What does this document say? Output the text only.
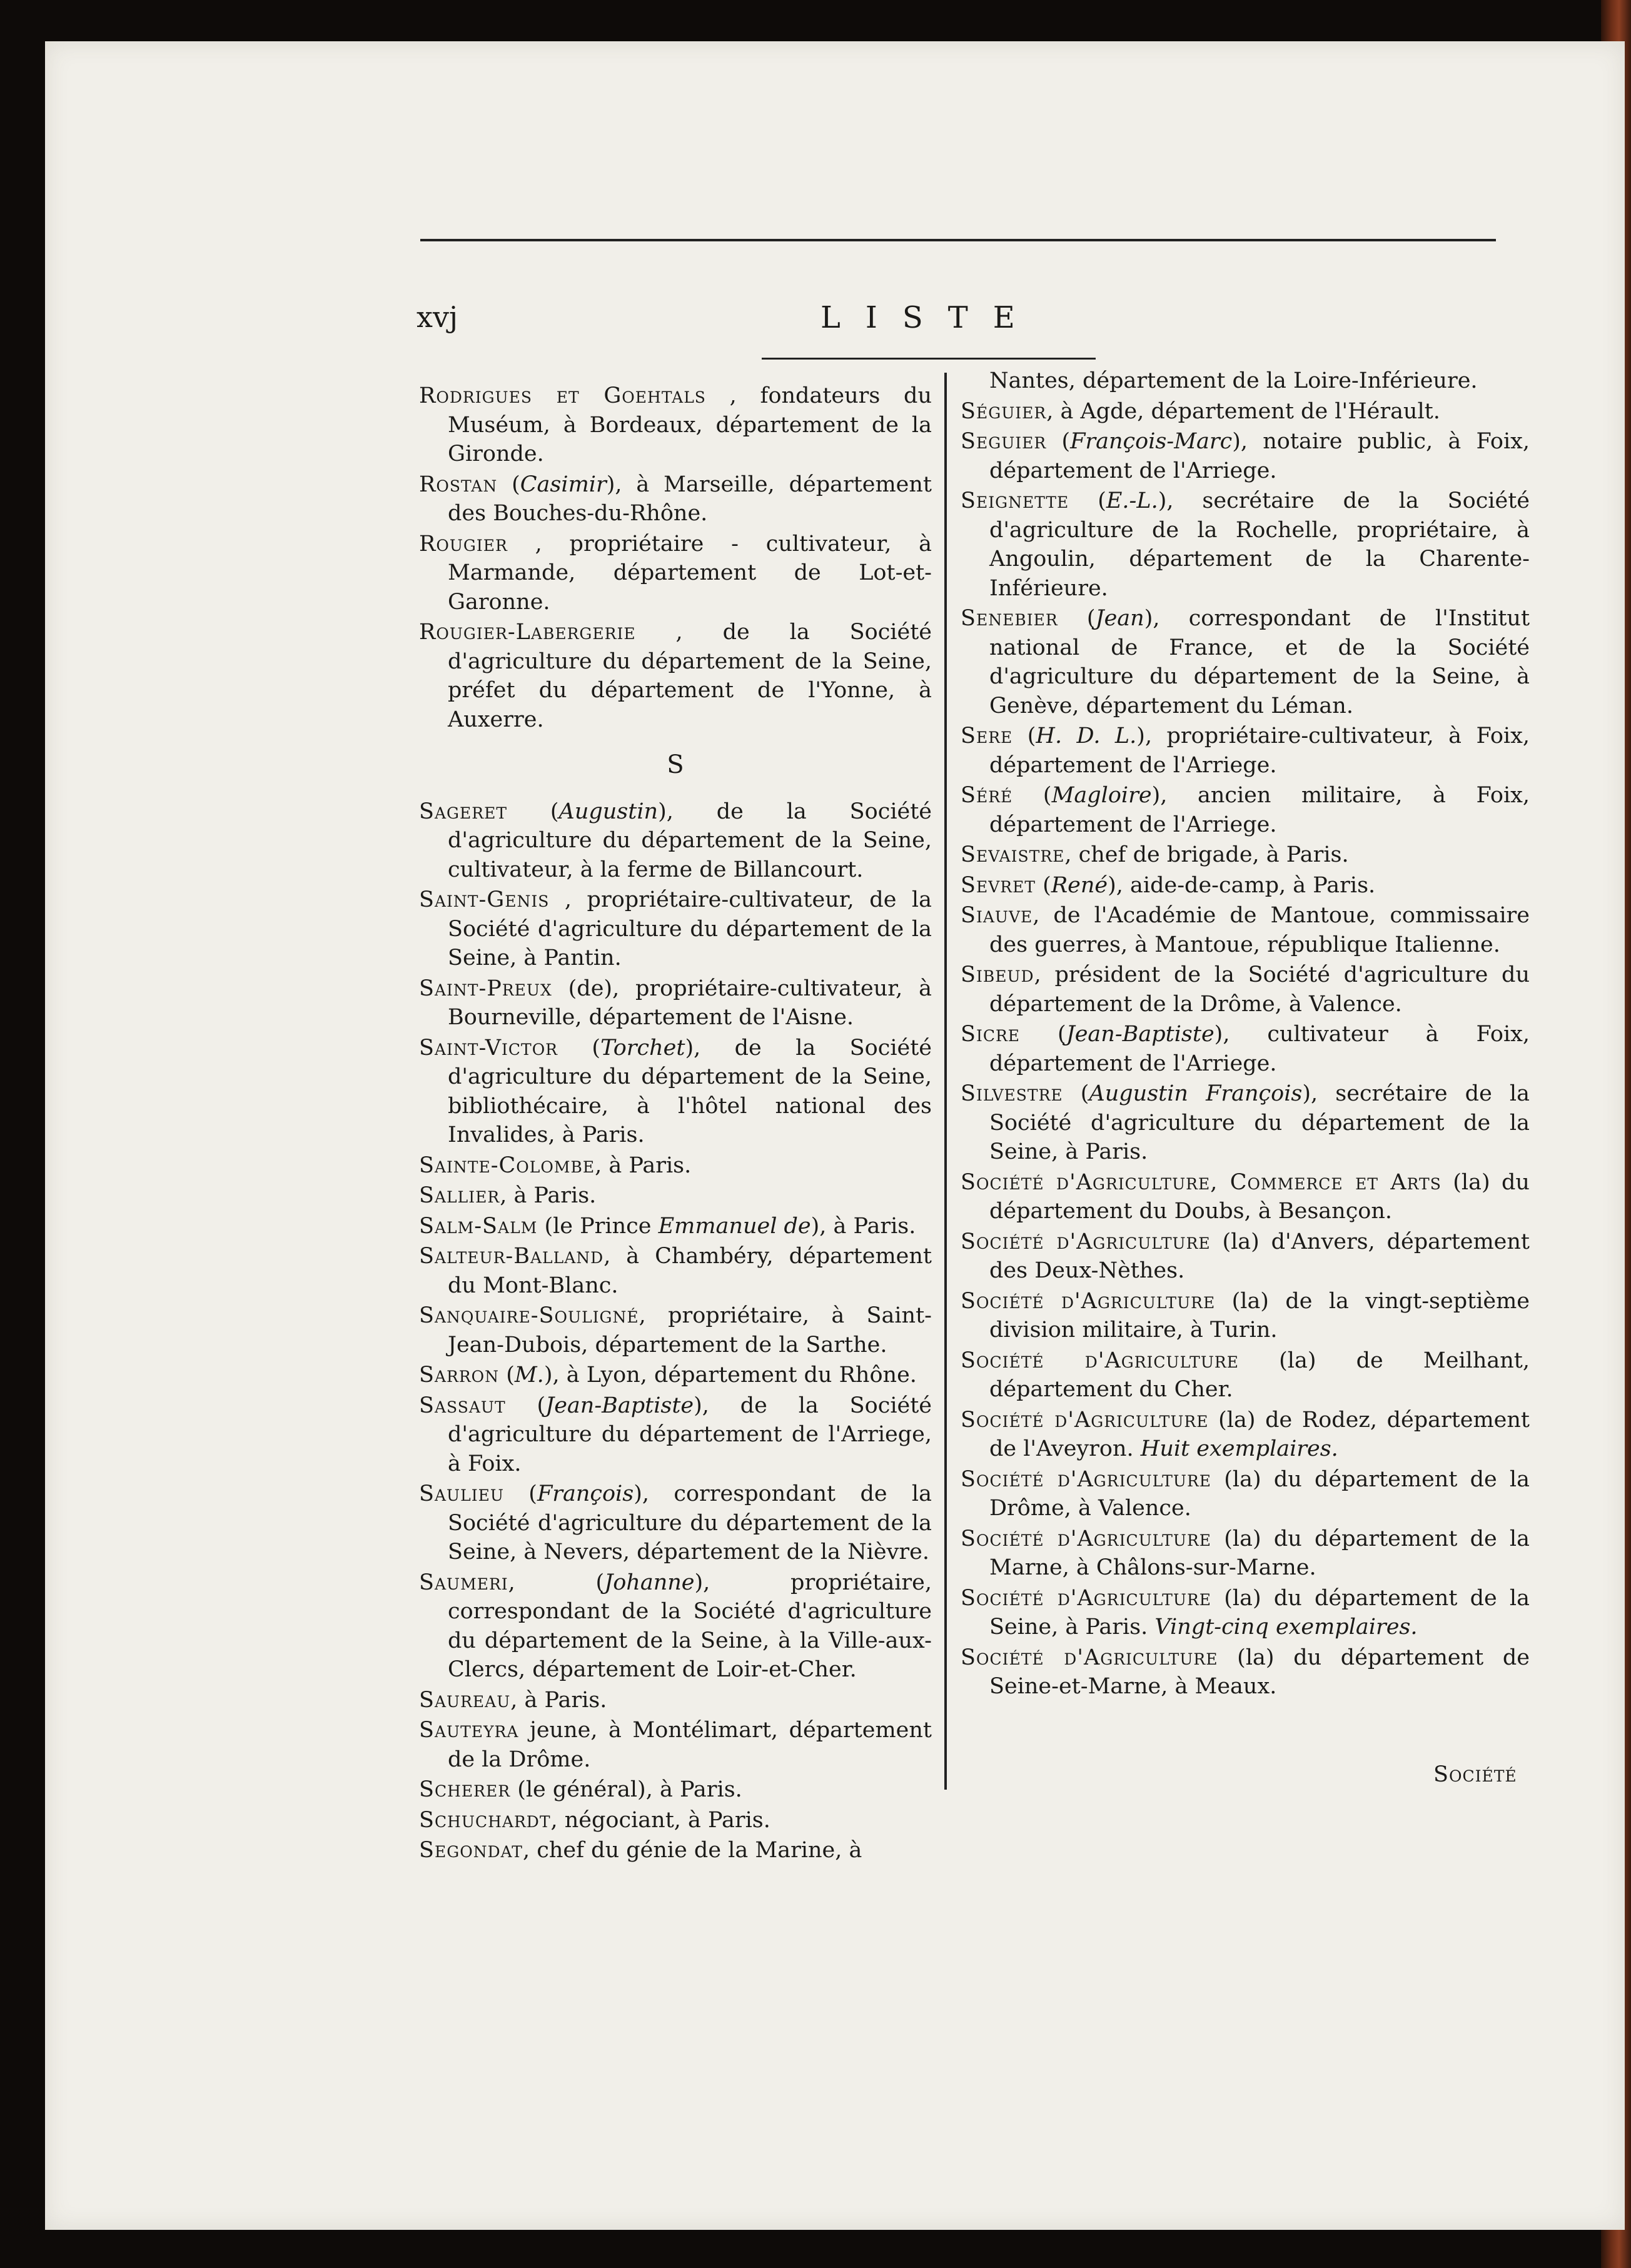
xvj	LISTE

Rodrigues et Goehtals , fondateurs du Muséum, à Bordeaux, département de la Gironde.

Rostan (Casimir), à Marseille, département des Bouches-du-Rhône.

Rougier , propriétaire - cultivateur, à Marmande, département de Lot-et-Garonne.

Rougier-Labergerie , de la Société d'agriculture du département de la Seine, préfet du département de l'Yonne, à Auxerre.

S

Sageret (Augustin), de la Société d'agriculture du département de la Seine, cultivateur, à la ferme de Billancourt.

Saint-Genis , propriétaire-cultivateur, de la Société d'agriculture du département de la Seine, à Pantin.

Saint-Preux (de), propriétaire-cultivateur, à Bourneville, département de l'Aisne.

Saint-Victor (Torchet), de la Société d'agriculture du département de la Seine, bibliothécaire, à l'hôtel national des Invalides, à Paris.

Sainte-Colombe, à Paris.

Sallier, à Paris.

Salm-Salm (le Prince Emmanuel de), à Paris.

Salteur-Balland, à Chambéry, département du Mont-Blanc.

Sanquaire-Souligné, propriétaire, à Saint-Jean-Dubois, département de la Sarthe.

Sarron (M.), à Lyon, département du Rhône.

Sassaut (Jean-Baptiste), de la Société d'agriculture du département de l'Arriege, à Foix.

Saulieu (François), correspondant de la Société d'agriculture du département de la Seine, à Nevers, département de la Nièvre.

Saumeri, (Johanne), propriétaire, correspondant de la Société d'agriculture du département de la Seine, à la Ville-aux-Clercs, département de Loir-et-Cher.

Saureau, à Paris.

Sauteyra jeune, à Montélimart, département de la Drôme.

Scherer (le général), à Paris.

Schuchardt, négociant, à Paris.

Segondat, chef du génie de la Marine, à

Nantes, département de la Loire-Inférieure.

Séguier, à Agde, département de l'Hérault.

Seguier (François-Marc), notaire public, à Foix, département de l'Arriege.

Seignette (E.-L.), secrétaire de la Société d'agriculture de la Rochelle, propriétaire, à Angoulin, département de la Charente-Inférieure.

Senebier (Jean), correspondant de l'Institut national de France, et de la Société d'agriculture du département de la Seine, à Genève, département du Léman.

Sere (H. D. L.), propriétaire-cultivateur, à Foix, département de l'Arriege.

Séré (Magloire), ancien militaire, à Foix, département de l'Arriege.

Sevaistre, chef de brigade, à Paris.

Sevret (René), aide-de-camp, à Paris.

Siauve, de l'Académie de Mantoue, commissaire des guerres, à Mantoue, république Italienne.

Sibeud, président de la Société d'agriculture du département de la Drôme, à Valence.

Sicre (Jean-Baptiste), cultivateur à Foix, département de l'Arriege.

Silvestre (Augustin François), secrétaire de la Société d'agriculture du département de la Seine, à Paris.

Société d'Agriculture, Commerce et Arts (la) du département du Doubs, à Besançon.

Société d'Agriculture (la) d'Anvers, département des Deux-Nèthes.

Société d'Agriculture (la) de la vingt-septième division militaire, à Turin.

Société d'Agriculture (la) de Meilhant, département du Cher.

Société d'Agriculture (la) de Rodez, département de l'Aveyron. Huit exemplaires.

Société d'Agriculture (la) du département de la Drôme, à Valence.

Société d'Agriculture (la) du département de la Marne, à Châlons-sur-Marne.

Société d'Agriculture (la) du département de la Seine, à Paris. Vingt-cinq exemplaires.

Société d'Agriculture (la) du département de Seine-et-Marne, à Meaux.

Société
